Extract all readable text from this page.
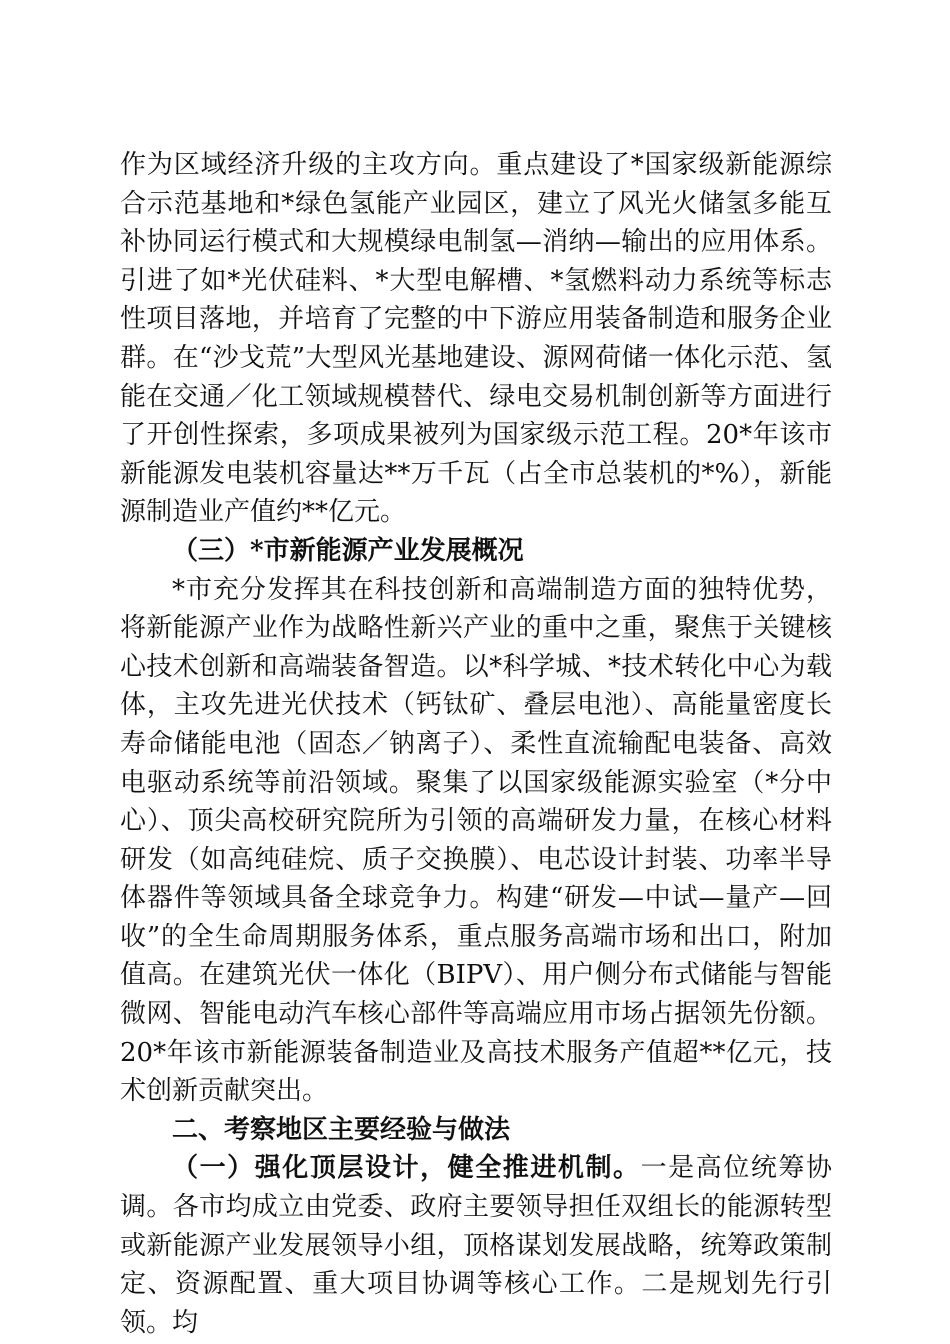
作为区域经济升级的主攻方向。重点建设了*国家级新能源综合示范基地和*绿色氢能产业园区，建立了风光火储氢多能互补协同运行模式和大规模绿电制氢—消纳—输出的应用体系。引进了如*光伏硅料、*大型电解槽、*氢燃料动力系统等标志性项目落地，并培育了完整的中下游应用装备制造和服务企业群。在“沙戈荒”大型风光基地建设、源网荷储一体化示范、氢能在交通／化工领域规模替代、绿电交易机制创新等方面进行了开创性探索，多项成果被列为国家级示范工程。20*年该市新能源发电装机容量达**万千瓦（占全市总装机的*%），新能源制造业产值约**亿元。

（三）*市新能源产业发展概况

*市充分发挥其在科技创新和高端制造方面的独特优势，将新能源产业作为战略性新兴产业的重中之重，聚焦于关键核心技术创新和高端装备智造。以*科学城、*技术转化中心为载体，主攻先进光伏技术（钙钛矿、叠层电池）、高能量密度长寿命储能电池（固态／钠离子）、柔性直流输配电装备、高效电驱动系统等前沿领域。聚集了以国家级能源实验室（*分中心）、顶尖高校研究院所为引领的高端研发力量，在核心材料研发（如高纯硅烷、质子交换膜）、电芯设计封装、功率半导体器件等领域具备全球竞争力。构建“研发—中试—量产—回收”的全生命周期服务体系，重点服务高端市场和出口，附加值高。在建筑光伏一体化（BIPV）、用户侧分布式储能与智能微网、智能电动汽车核心部件等高端应用市场占据领先份额。20*年该市新能源装备制造业及高技术服务产值超**亿元，技术创新贡献突出。

二、考察地区主要经验与做法

（一）强化顶层设计，健全推进机制。一是高位统筹协调。各市均成立由党委、政府主要领导担任双组长的能源转型或新能源产业发展领导小组，顶格谋划发展战略，统筹政策制定、资源配置、重大项目协调等核心工作。二是规划先行引领。均
